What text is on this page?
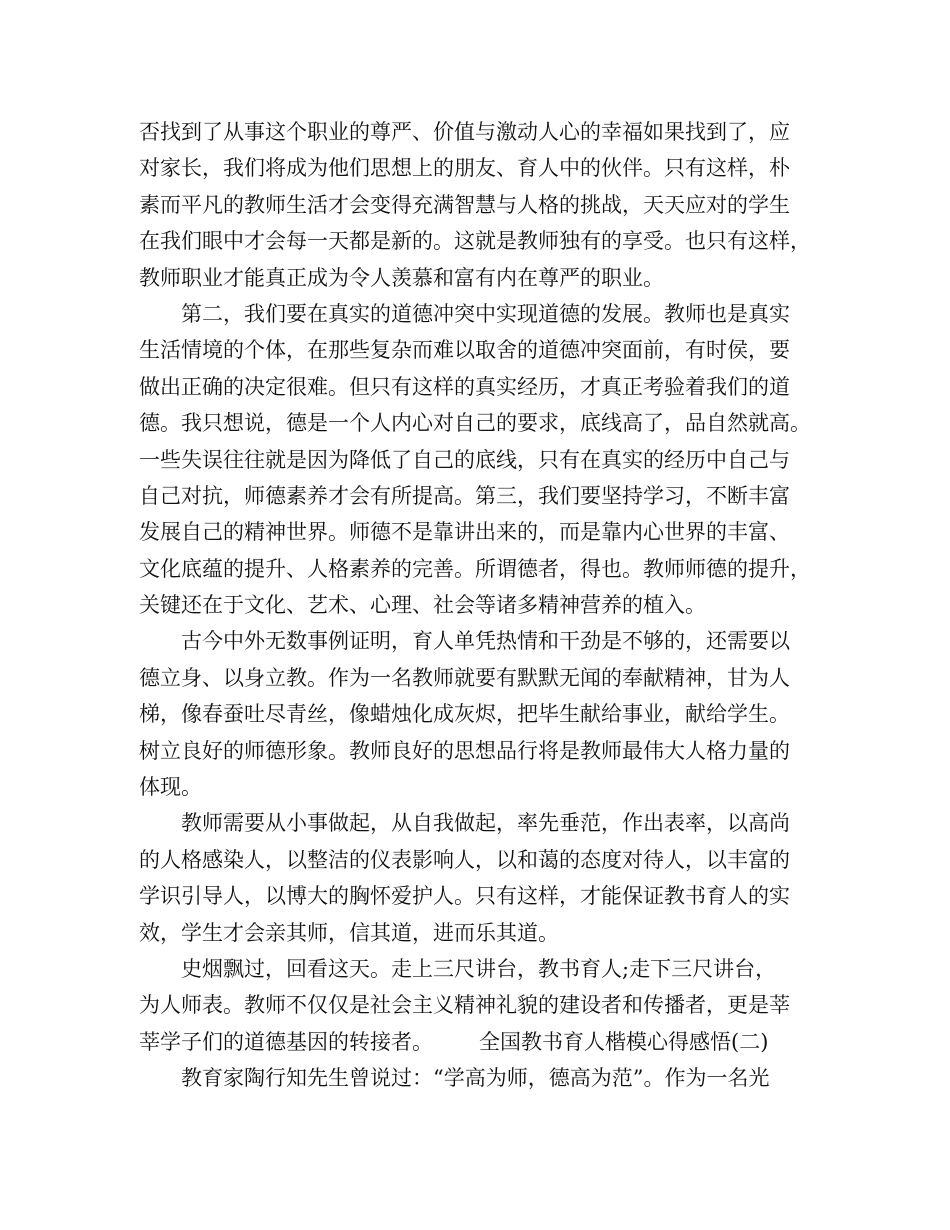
否找到了从事这个职业的尊严、价值与激动人心的幸福如果找到了，应
对家长，我们将成为他们思想上的朋友、育人中的伙伴。只有这样，朴
素而平凡的教师生活才会变得充满智慧与人格的挑战，天天应对的学生
在我们眼中才会每一天都是新的。这就是教师独有的享受。也只有这样，
教师职业才能真正成为令人羡慕和富有内在尊严的职业。
　　第二，我们要在真实的道德冲突中实现道德的发展。教师也是真实
生活情境的个体，在那些复杂而难以取舍的道德冲突面前，有时侯，要
做出正确的决定很难。但只有这样的真实经历，才真正考验着我们的道
德。我只想说，德是一个人内心对自己的要求，底线高了，品自然就高。
一些失误往往就是因为降低了自己的底线，只有在真实的经历中自己与
自己对抗，师德素养才会有所提高。第三，我们要坚持学习，不断丰富
发展自己的精神世界。师德不是靠讲出来的，而是靠内心世界的丰富、
文化底蕴的提升、人格素养的完善。所谓德者，得也。教师师德的提升，
关键还在于文化、艺术、心理、社会等诸多精神营养的植入。
　　古今中外无数事例证明，育人单凭热情和干劲是不够的，还需要以
德立身、以身立教。作为一名教师就要有默默无闻的奉献精神，甘为人
梯，像春蚕吐尽青丝，像蜡烛化成灰烬，把毕生献给事业，献给学生。
树立良好的师德形象。教师良好的思想品行将是教师最伟大人格力量的
体现。
　　教师需要从小事做起，从自我做起，率先垂范，作出表率，以高尚
的人格感染人，以整洁的仪表影响人，以和蔼的态度对待人，以丰富的
学识引导人，以博大的胸怀爱护人。只有这样，才能保证教书育人的实
效，学生才会亲其师，信其道，进而乐其道。
　　史烟飘过，回看这天。走上三尺讲台，教书育人;走下三尺讲台，
为人师表。教师不仅仅是社会主义精神礼貌的建设者和传播者，更是莘
莘学子们的道德基因的转接者。 全国教书育人楷模心得感悟(二)
　　教育家陶行知先生曾说过：“学高为师，德高为范”。作为一名光
